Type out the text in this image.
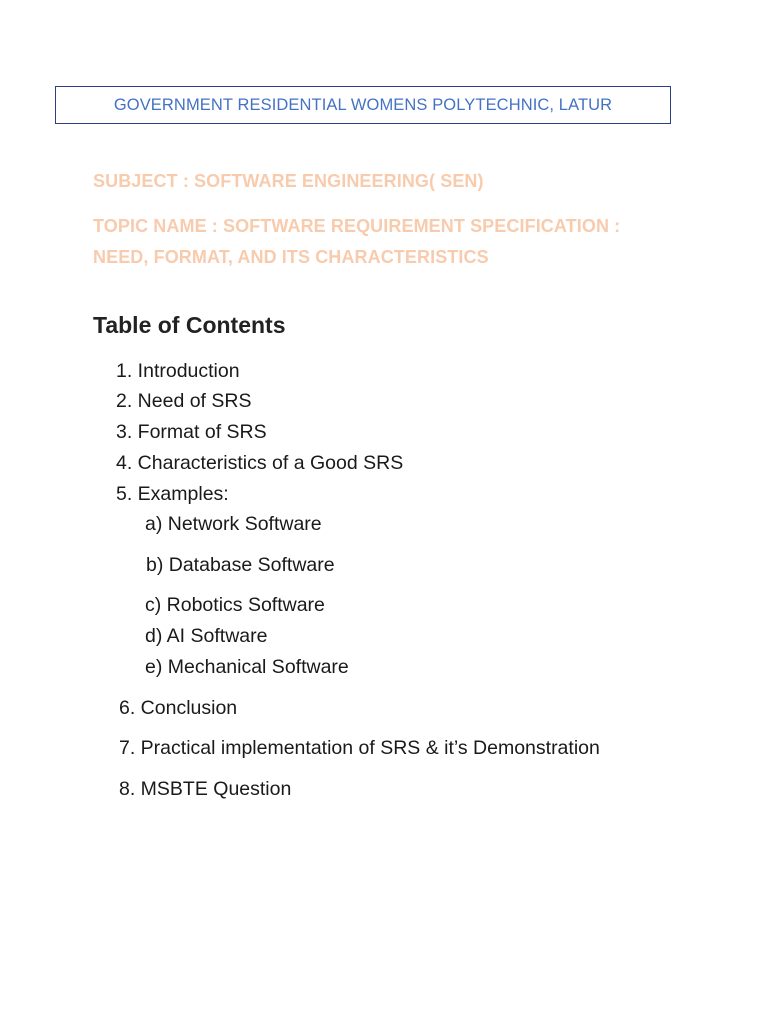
GOVERNMENT RESIDENTIAL WOMENS POLYTECHNIC, LATUR
SUBJECT : SOFTWARE ENGINEERING( SEN)
TOPIC NAME : SOFTWARE REQUIREMENT SPECIFICATION :
NEED, FORMAT, AND ITS CHARACTERISTICS
Table of Contents
1. Introduction
2. Need of SRS
3. Format of SRS
4. Characteristics of a Good SRS
5. Examples:
a) Network Software
b) Database Software
c) Robotics Software
d) AI Software
e) Mechanical Software
6. Conclusion
7. Practical implementation of SRS & it’s Demonstration
8. MSBTE Question
